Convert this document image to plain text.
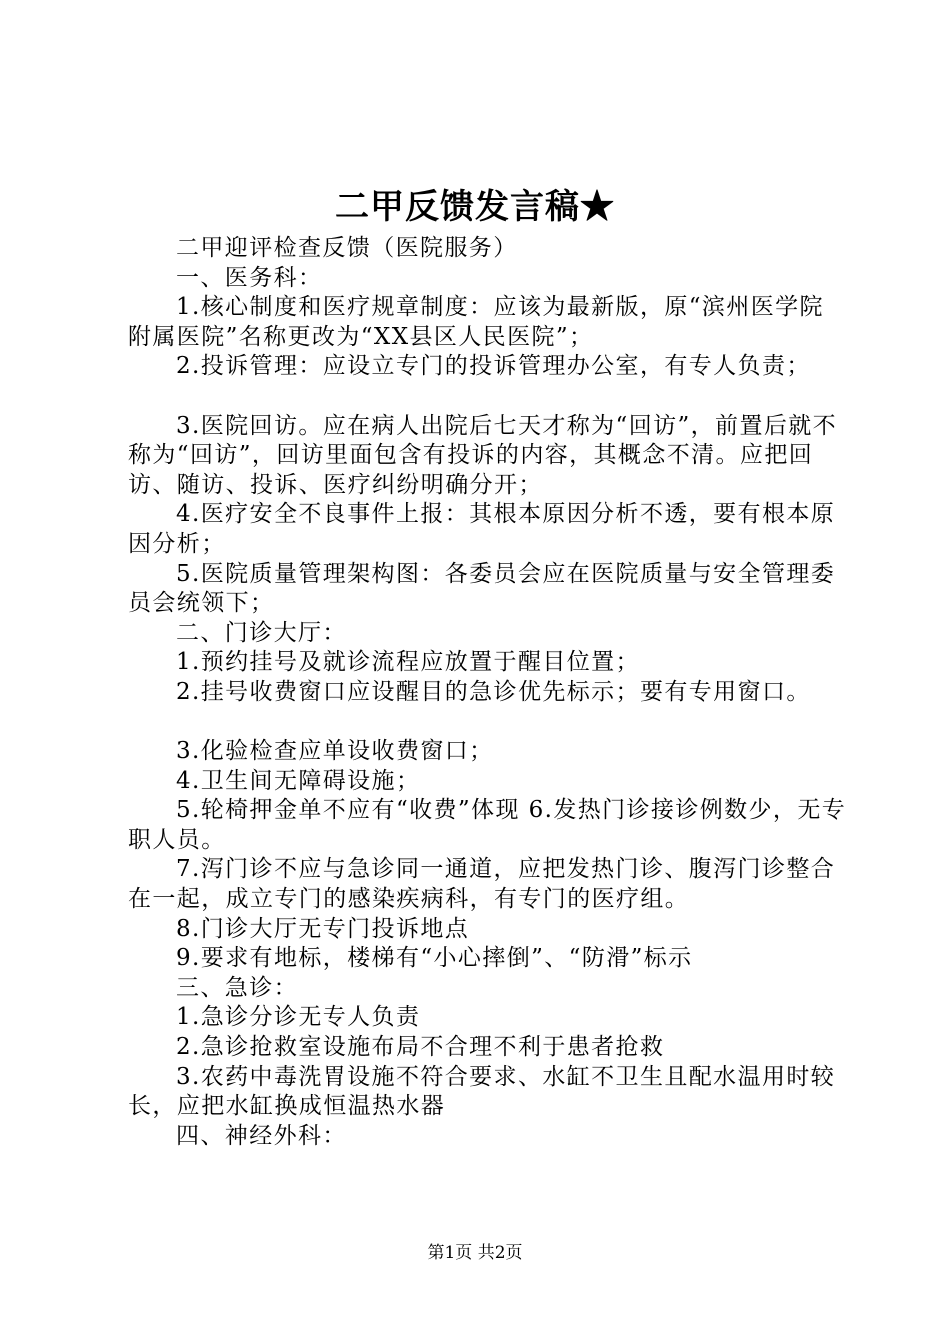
二甲反馈发言稿★

二甲迎评检查反馈（医院服务）

一、医务科：

1.核心制度和医疗规章制度：应该为最新版，原“滨州医学院附属医院”名称更改为“XX县区人民医院”；

2.投诉管理：应设立专门的投诉管理办公室，有专人负责；

3.医院回访。应在病人出院后七天才称为“回访”，前置后就不称为“回访”，回访里面包含有投诉的内容，其概念不清。应把回访、随访、投诉、医疗纠纷明确分开；

4.医疗安全不良事件上报：其根本原因分析不透，要有根本原因分析；

5.医院质量管理架构图：各委员会应在医院质量与安全管理委员会统领下；

二、门诊大厅：

1.预约挂号及就诊流程应放置于醒目位置；

2.挂号收费窗口应设醒目的急诊优先标示；要有专用窗口。

3.化验检查应单设收费窗口；

4.卫生间无障碍设施；

5.轮椅押金单不应有“收费”体现 6.发热门诊接诊例数少，无专职人员。

7.泻门诊不应与急诊同一通道，应把发热门诊、腹泻门诊整合在一起，成立专门的感染疾病科，有专门的医疗组。

8.门诊大厅无专门投诉地点

9.要求有地标，楼梯有“小心摔倒”、“防滑”标示

三、急诊：

1.急诊分诊无专人负责

2.急诊抢救室设施布局不合理不利于患者抢救

3.农药中毒洗胃设施不符合要求、水缸不卫生且配水温用时较长，应把水缸换成恒温热水器

四、神经外科：

第1页 共2页
